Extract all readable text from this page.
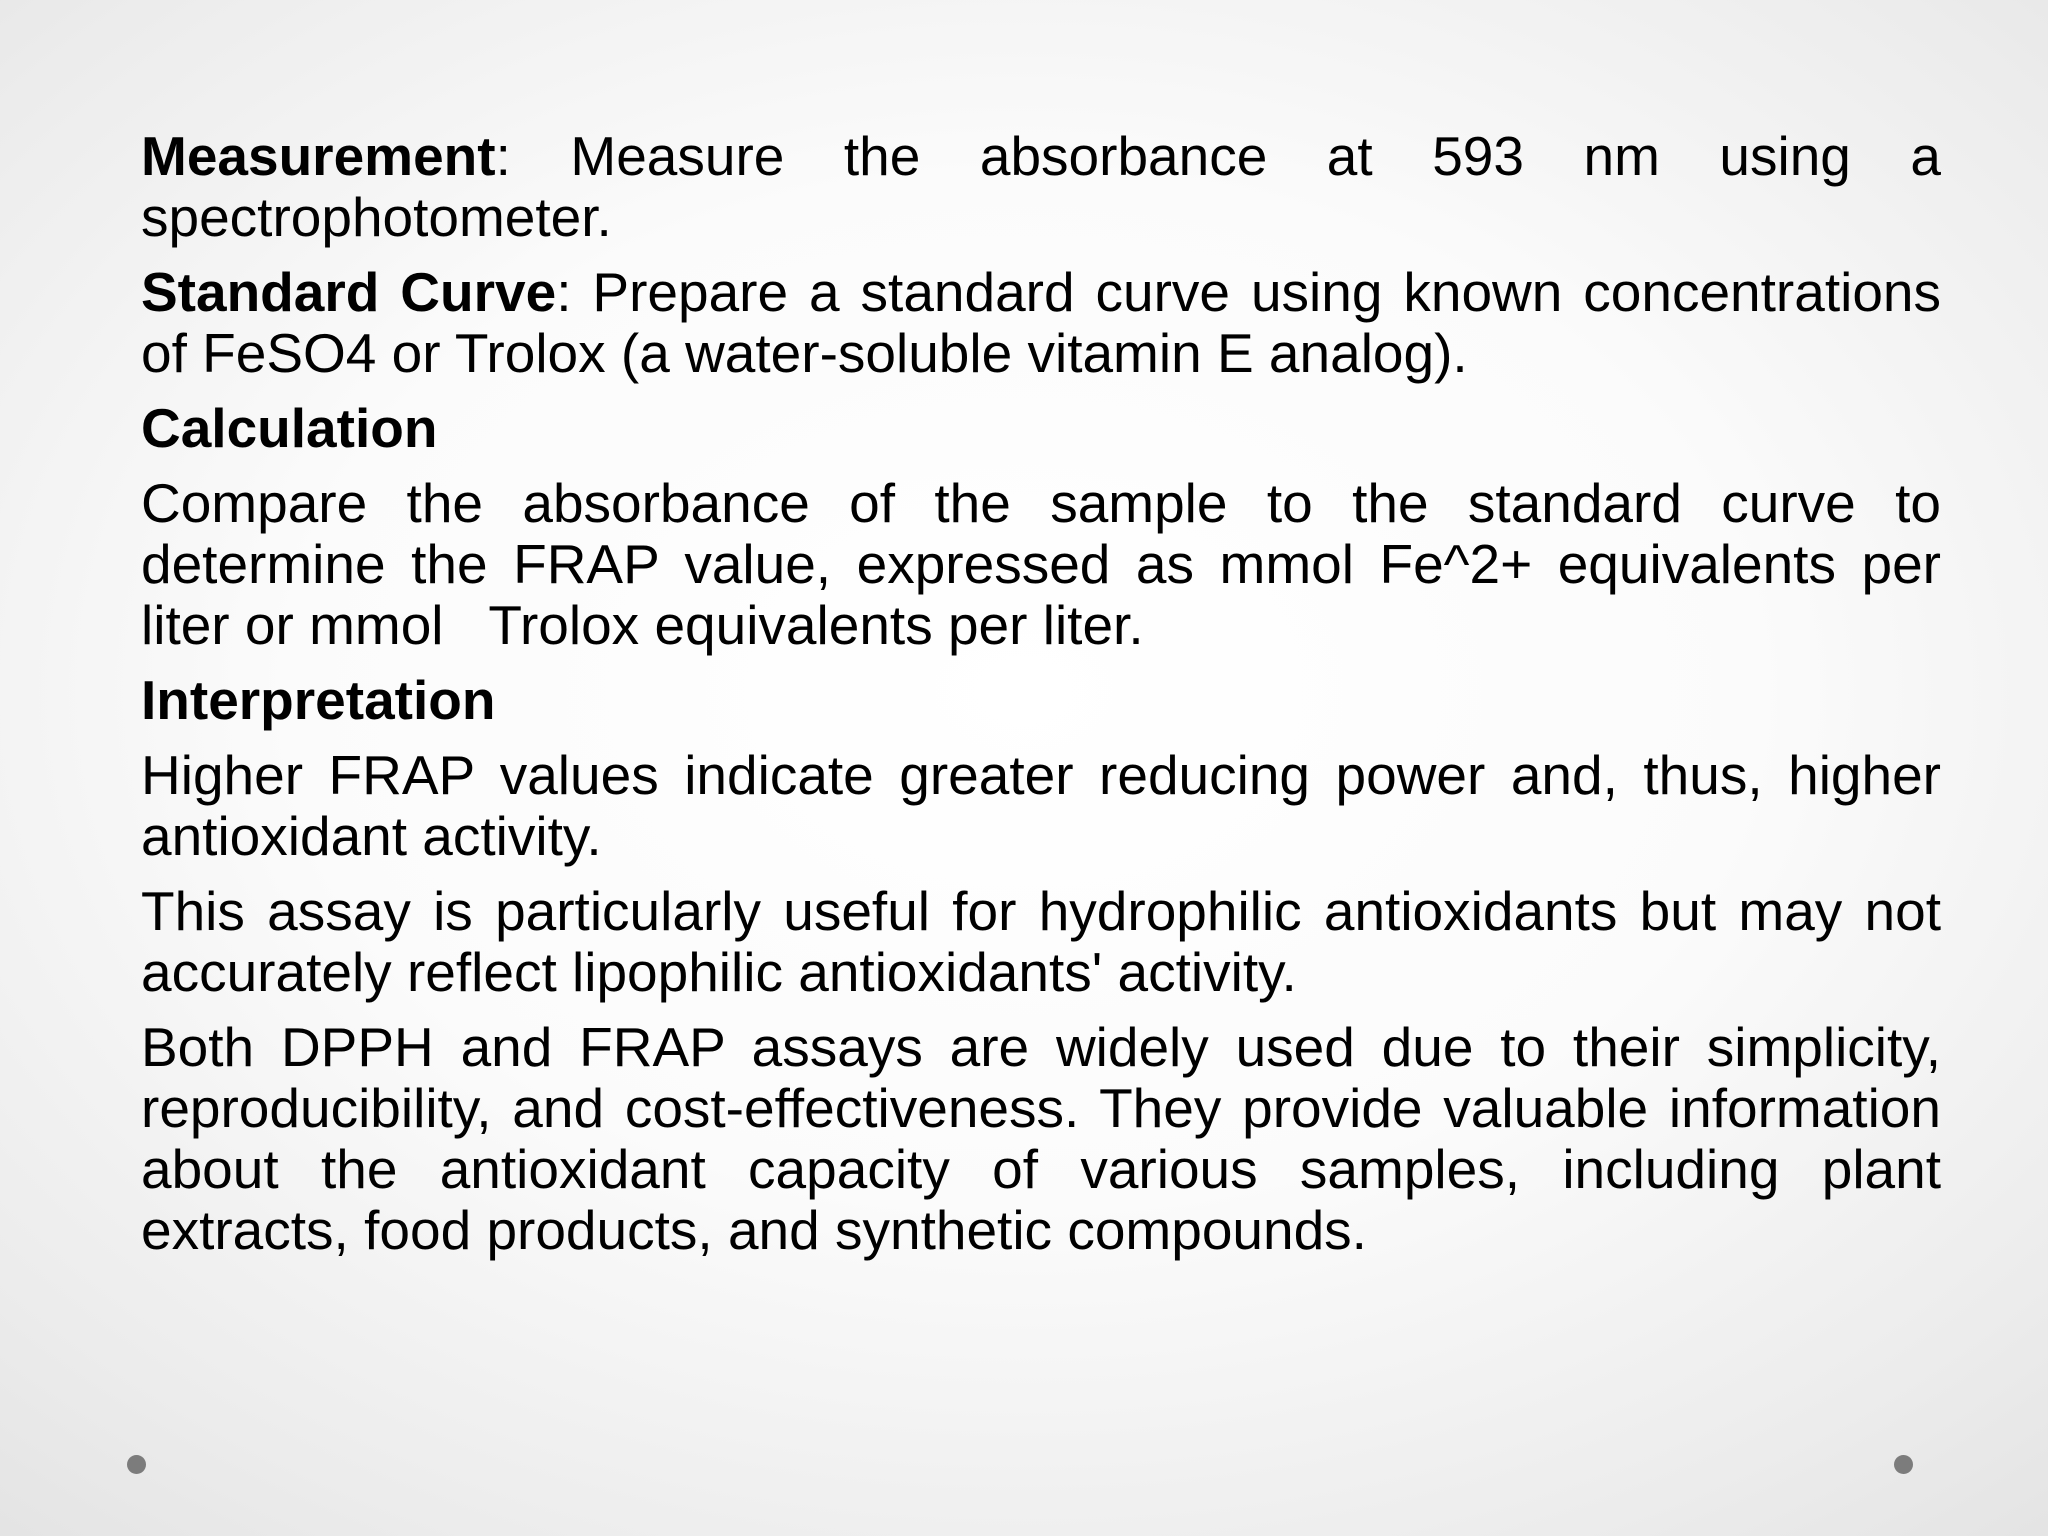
Measurement: Measure the absorbance at 593 nm using a spectrophotometer.

Standard Curve: Prepare a standard curve using known concentrations of FeSO4 or Trolox (a water-soluble vitamin E analog).

Calculation

Compare the absorbance of the sample to the standard curve to determine the FRAP value, expressed as mmol Fe^2+ equivalents per liter or mmol Trolox equivalents per liter.

Interpretation

Higher FRAP values indicate greater reducing power and, thus, higher antioxidant activity.

This assay is particularly useful for hydrophilic antioxidants but may not accurately reflect lipophilic antioxidants' activity.

Both DPPH and FRAP assays are widely used due to their simplicity, reproducibility, and cost-effectiveness. They provide valuable information about the antioxidant capacity of various samples, including plant extracts, food products, and synthetic compounds.
